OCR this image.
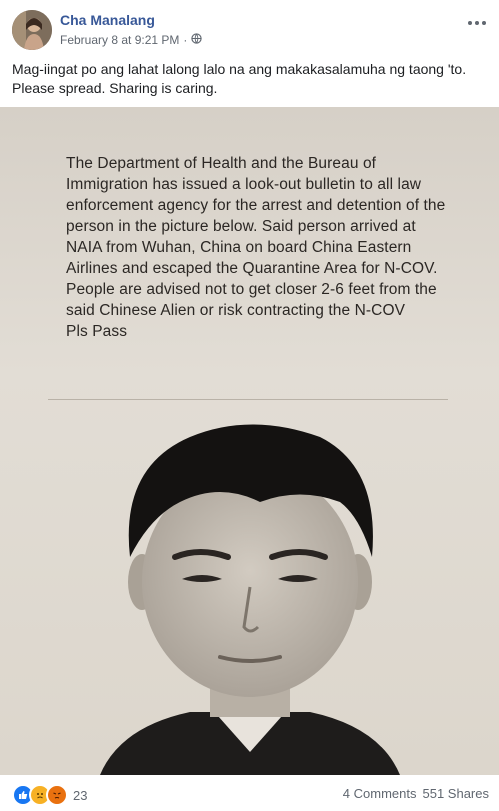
Cha Manalang
February 8 at 9:21 PM ·
Mag-iingat po ang lahat lalong lalo na ang makakasalamuha ng taong 'to.
Please spread. Sharing is caring.
The Department of Health and the Bureau of Immigration has issued a look-out bulletin to all law enforcement agency for the arrest and detention of the person in the picture below. Said person arrived at NAIA from Wuhan, China on board China Eastern Airlines and escaped the Quarantine Area for N-COV. People are advised not to get closer 2-6 feet from the said Chinese Alien or risk contracting the N-COV
Pls Pass
23	4 Comments 551 Shares
